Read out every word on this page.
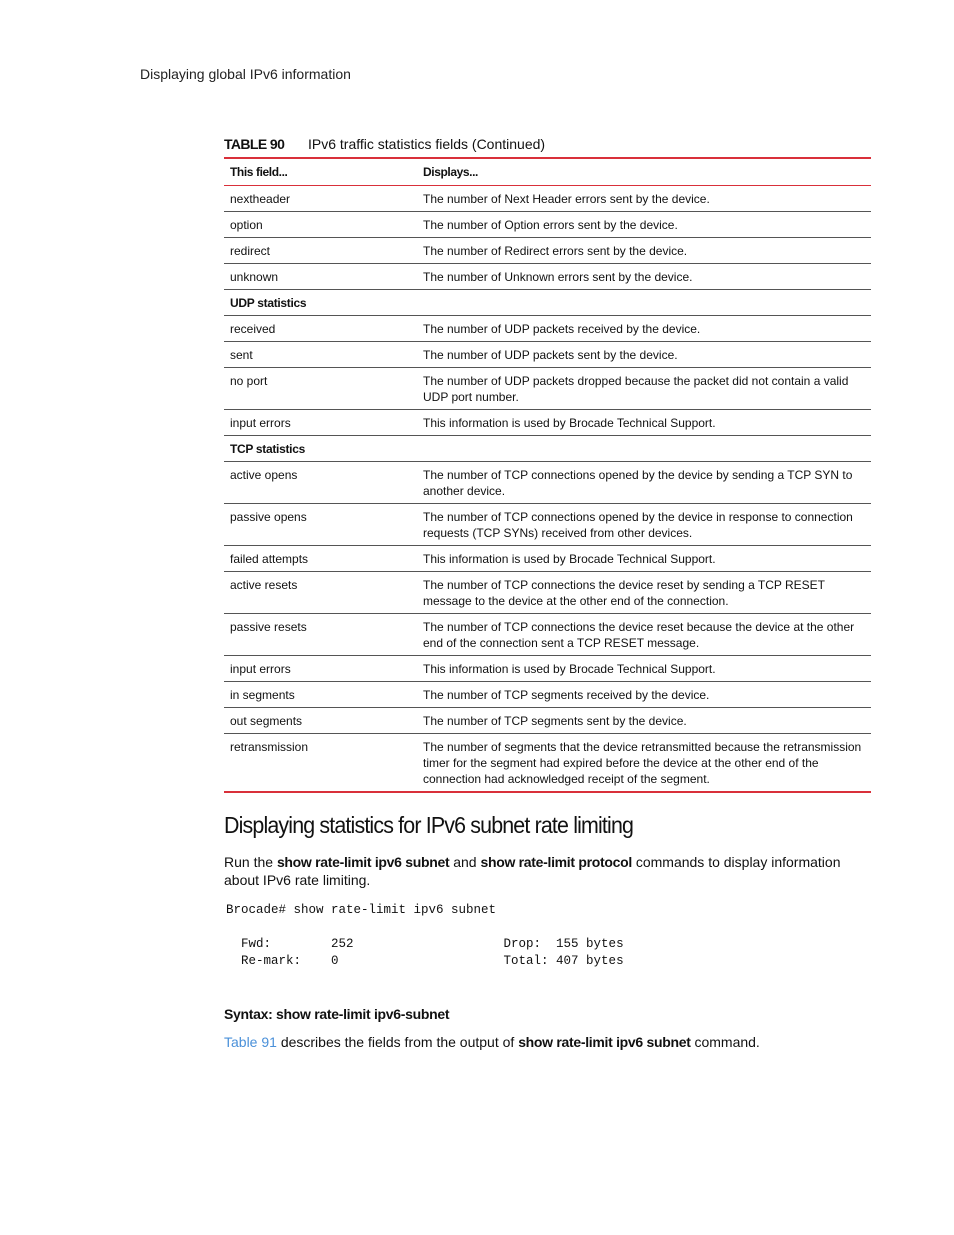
Displaying global IPv6 information
TABLE 90	IPv6 traffic statistics fields (Continued)
This field...	Displays...
nextheader	The number of Next Header errors sent by the device.
option	The number of Option errors sent by the device.
redirect	The number of Redirect errors sent by the device.
unknown	The number of Unknown errors sent by the device.
UDP statistics	
received	The number of UDP packets received by the device.
sent	The number of UDP packets sent by the device.
no port	The number of UDP packets dropped because the packet did not contain a valid UDP port number.
input errors	This information is used by Brocade Technical Support.
TCP statistics	
active opens	The number of TCP connections opened by the device by sending a TCP SYN to another device.
passive opens	The number of TCP connections opened by the device in response to connection requests (TCP SYNs) received from other devices.
failed attempts	This information is used by Brocade Technical Support.
active resets	The number of TCP connections the device reset by sending a TCP RESET message to the device at the other end of the connection.
passive resets	The number of TCP connections the device reset because the device at the other end of the connection sent a TCP RESET message.
input errors	This information is used by Brocade Technical Support.
in segments	The number of TCP segments received by the device.
out segments	The number of TCP segments sent by the device.
retransmission	The number of segments that the device retransmitted because the retransmission timer for the segment had expired before the device at the other end of the connection had acknowledged receipt of the segment.
Displaying statistics for IPv6 subnet rate limiting

Run the show rate-limit ipv6 subnet and show rate-limit protocol commands to display information about IPv6 rate limiting.

Brocade# show rate-limit ipv6 subnet

Fwd:        252                    Drop:  155 bytes
Re-mark:    0                      Total: 407 bytes
Syntax: show rate-limit ipv6-subnet
Table 91 describes the fields from the output of show rate-limit ipv6 subnet command.
